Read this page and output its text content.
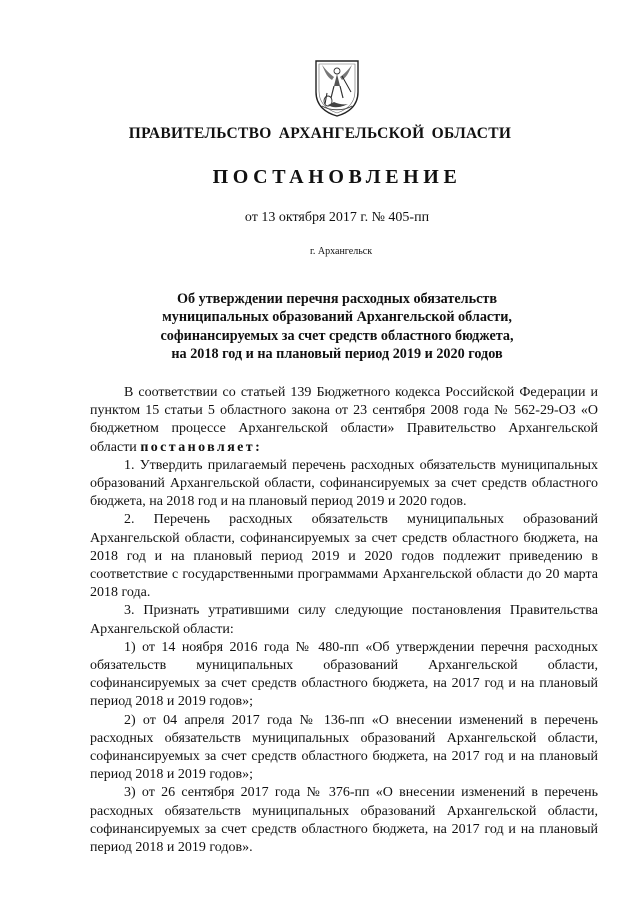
ПРАВИТЕЛЬСТВО АРХАНГЕЛЬСКОЙ ОБЛАСТИ
ПОСТАНОВЛЕНИЕ
от 13 октября 2017 г. № 405-пп
г. Архангельск
Об утверждении перечня расходных обязательств
муниципальных образований Архангельской области,
софинансируемых за счет средств областного бюджета,
на 2018 год и на плановый период 2019 и 2020 годов

В соответствии со статьей 139 Бюджетного кодекса Российской Федерации и пунктом 15 статьи 5 областного закона от 23 сентября 2008 года № 562-29-ОЗ «О бюджетном процессе Архангельской области» Правительство Архангельской области постановляет:

1. Утвердить прилагаемый перечень расходных обязательств муниципальных образований Архангельской области, софинансируемых за счет средств областного бюджета, на 2018 год и на плановый период 2019 и 2020 годов.

2. Перечень расходных обязательств муниципальных образований Архангельской области, софинансируемых за счет средств областного бюджета, на 2018 год и на плановый период 2019 и 2020 годов подлежит приведению в соответствие с государственными программами Архангельской области до 20 марта 2018 года.

3. Признать утратившими силу следующие постановления Правительства Архангельской области:

1) от 14 ноября 2016 года № 480-пп «Об утверждении перечня расходных обязательств муниципальных образований Архангельской области, софинансируемых за счет средств областного бюджета, на 2017 год и на плановый период 2018 и 2019 годов»;

2) от 04 апреля 2017 года № 136-пп «О внесении изменений в перечень расходных обязательств муниципальных образований Архангельской области, софинансируемых за счет средств областного бюджета, на 2017 год и на плановый период 2018 и 2019 годов»;

3) от 26 сентября 2017 года № 376-пп «О внесении изменений в перечень расходных обязательств муниципальных образований Архангельской области, софинансируемых за счет средств областного бюджета, на 2017 год и на плановый период 2018 и 2019 годов».
